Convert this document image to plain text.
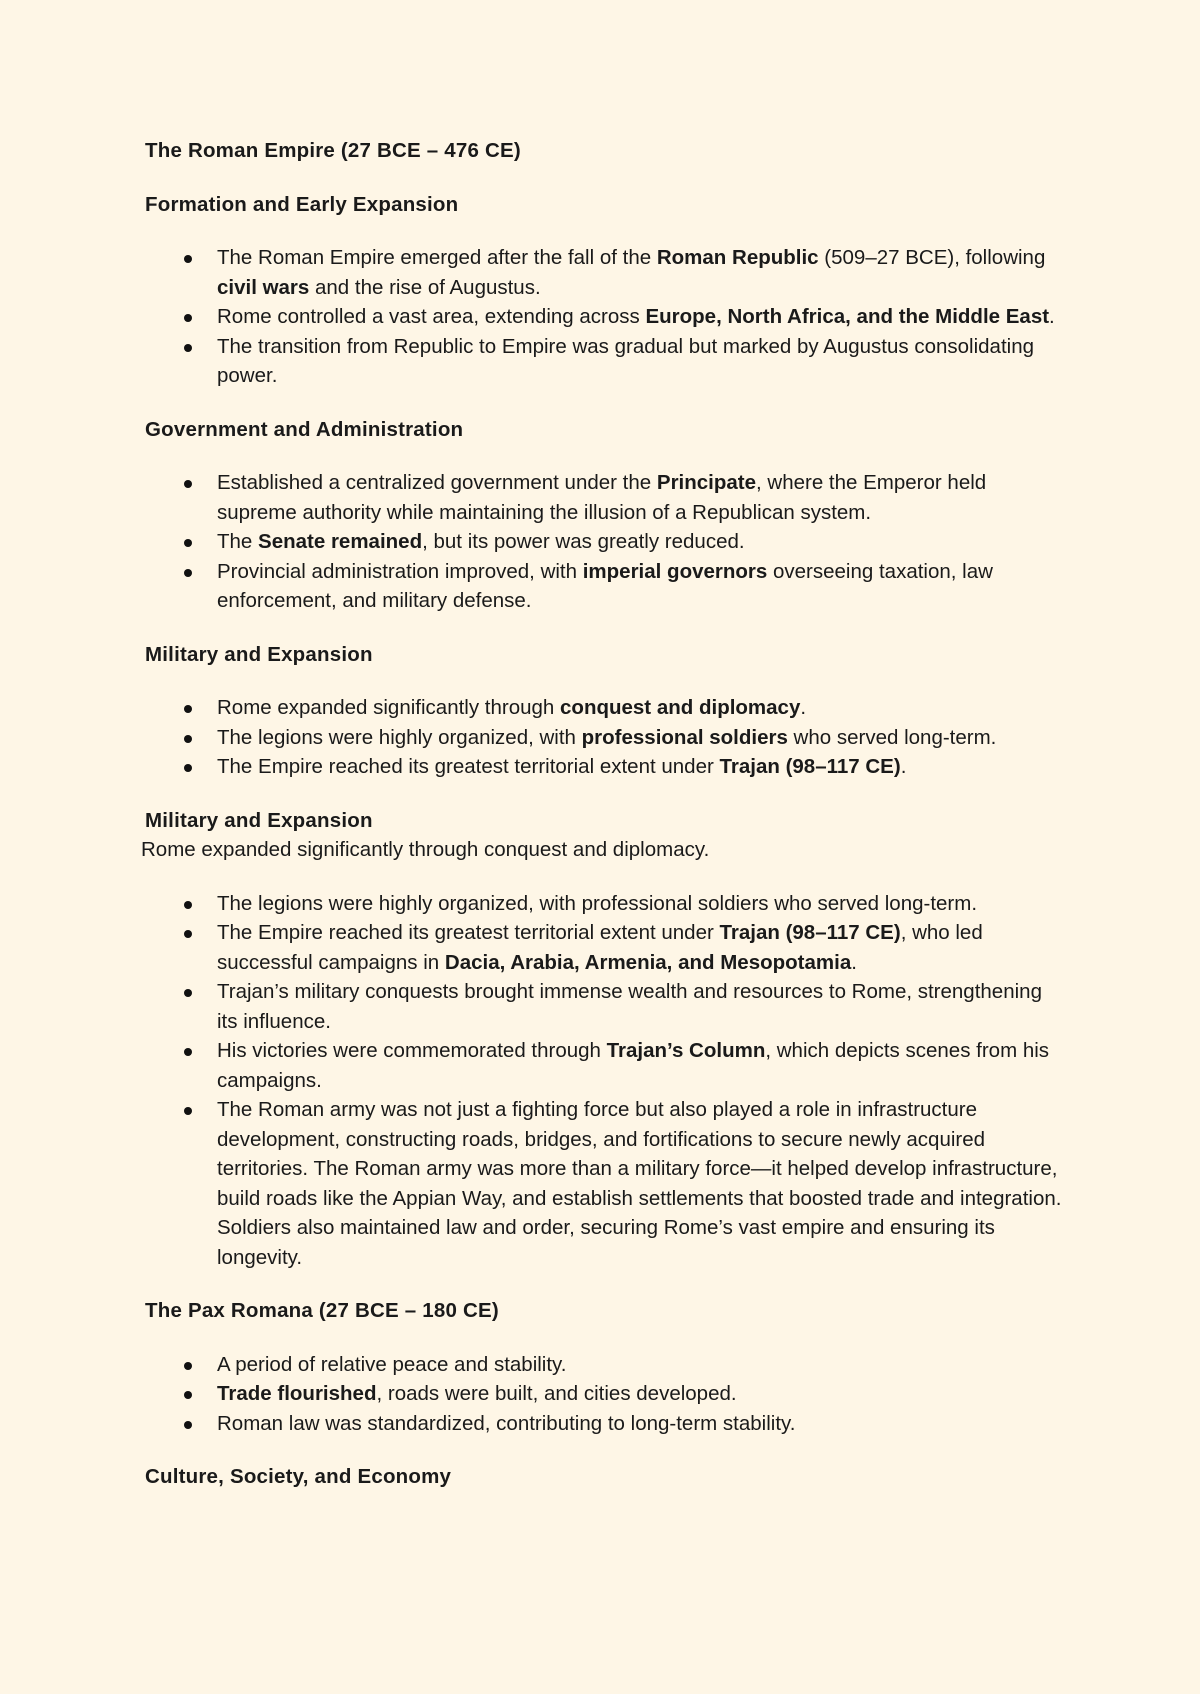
The Roman Empire (27 BCE – 476 CE)
Formation and Early Expansion
The Roman Empire emerged after the fall of the Roman Republic (509–27 BCE), following civil wars and the rise of Augustus.
Rome controlled a vast area, extending across Europe, North Africa, and the Middle East.
The transition from Republic to Empire was gradual but marked by Augustus consolidating power.
Government and Administration
Established a centralized government under the Principate, where the Emperor held supreme authority while maintaining the illusion of a Republican system.
The Senate remained, but its power was greatly reduced.
Provincial administration improved, with imperial governors overseeing taxation, law enforcement, and military defense.
Military and Expansion
Rome expanded significantly through conquest and diplomacy.
The legions were highly organized, with professional soldiers who served long-term.
The Empire reached its greatest territorial extent under Trajan (98–117 CE).
Military and Expansion
Rome expanded significantly through conquest and diplomacy.
The legions were highly organized, with professional soldiers who served long-term.
The Empire reached its greatest territorial extent under Trajan (98–117 CE), who led successful campaigns in Dacia, Arabia, Armenia, and Mesopotamia.
Trajan’s military conquests brought immense wealth and resources to Rome, strengthening its influence.
His victories were commemorated through Trajan’s Column, which depicts scenes from his campaigns.
The Roman army was not just a fighting force but also played a role in infrastructure development, constructing roads, bridges, and fortifications to secure newly acquired territories. The Roman army was more than a military force—it helped develop infrastructure, build roads like the Appian Way, and establish settlements that boosted trade and integration. Soldiers also maintained law and order, securing Rome’s vast empire and ensuring its longevity.
The Pax Romana (27 BCE – 180 CE)
A period of relative peace and stability.
Trade flourished, roads were built, and cities developed.
Roman law was standardized, contributing to long-term stability.
Culture, Society, and Economy
